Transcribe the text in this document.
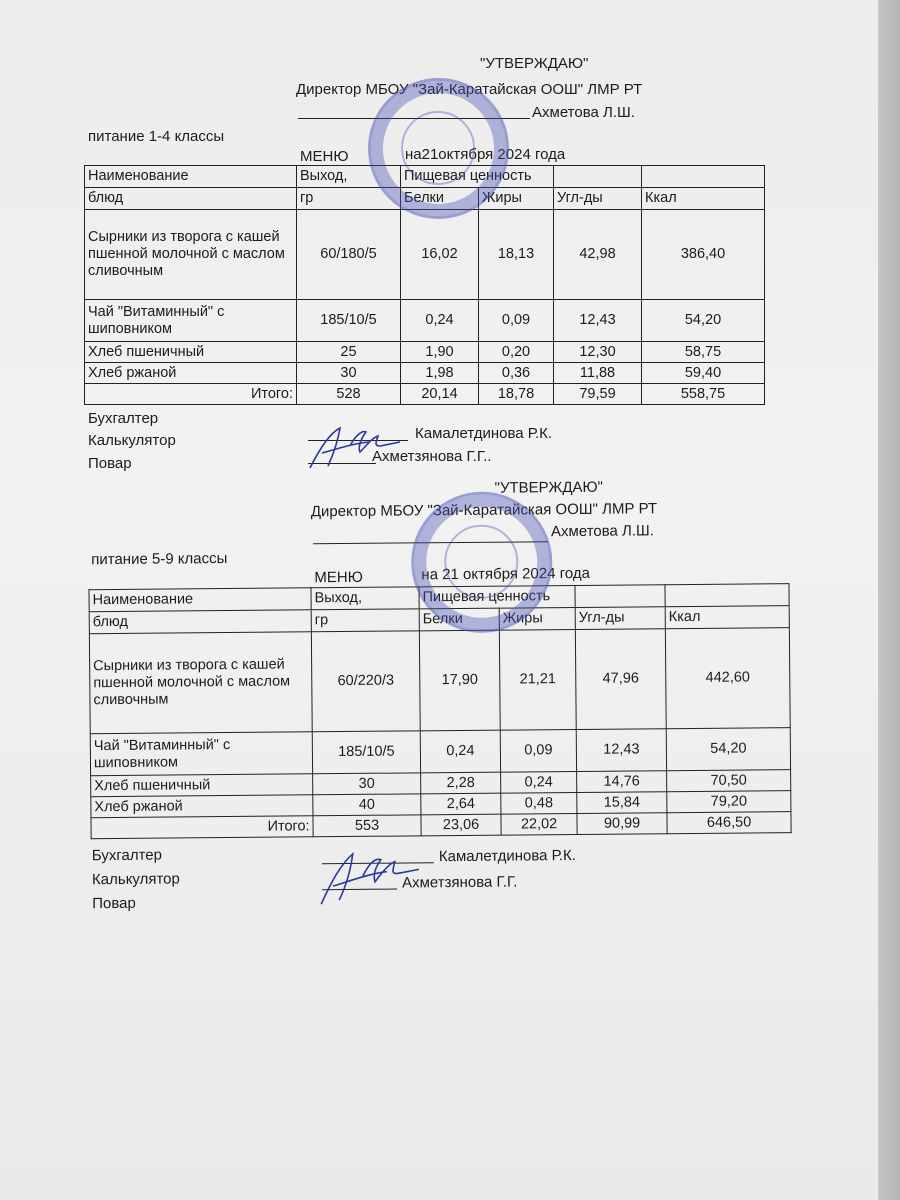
"УТВЕРЖДАЮ"
Директор МБОУ "Зай-Каратайская ООШ" ЛМР РТ
Ахметова Л.Ш.
питание 1-4 классы
МЕНЮ	на21октября 2024 года
Наименование	Выход,	Пищевая ценность			
блюд	гр	Белки	Жиры	Угл-ды	Ккал
Сырники из творога с кашей пшенной молочной с маслом сливочным	60/180/5	16,02	18,13	42,98	386,40
Чай "Витаминный" с шиповником	185/10/5	0,24	0,09	12,43	54,20
Хлеб пшеничный	25	1,90	0,20	12,30	58,75
Хлеб ржаной	30	1,98	0,36	11,88	59,40
Итого:	528	20,14	18,78	79,59	558,75
Бухгалтер
Калькулятор
Повар
Камалетдинова Р.К.
Ахметзянова Г.Г..
"УТВЕРЖДАЮ"
Директор МБОУ "Зай-Каратайская ООШ" ЛМР РТ
Ахметова Л.Ш.
питание 5-9 классы
МЕНЮ	на 21 октября 2024 года
Наименование	Выход,	Пищевая ценность			
блюд	гр	Белки	Жиры	Угл-ды	Ккал
Сырники из творога с кашей пшенной молочной с маслом сливочным	60/220/3	17,90	21,21	47,96	442,60
Чай "Витаминный" с шиповником	185/10/5	0,24	0,09	12,43	54,20
Хлеб пшеничный	30	2,28	0,24	14,76	70,50
Хлеб ржаной	40	2,64	0,48	15,84	79,20
Итого:	553	23,06	22,02	90,99	646,50
Бухгалтер
Калькулятор
Повар
Камалетдинова Р.К.
Ахметзянова Г.Г.
